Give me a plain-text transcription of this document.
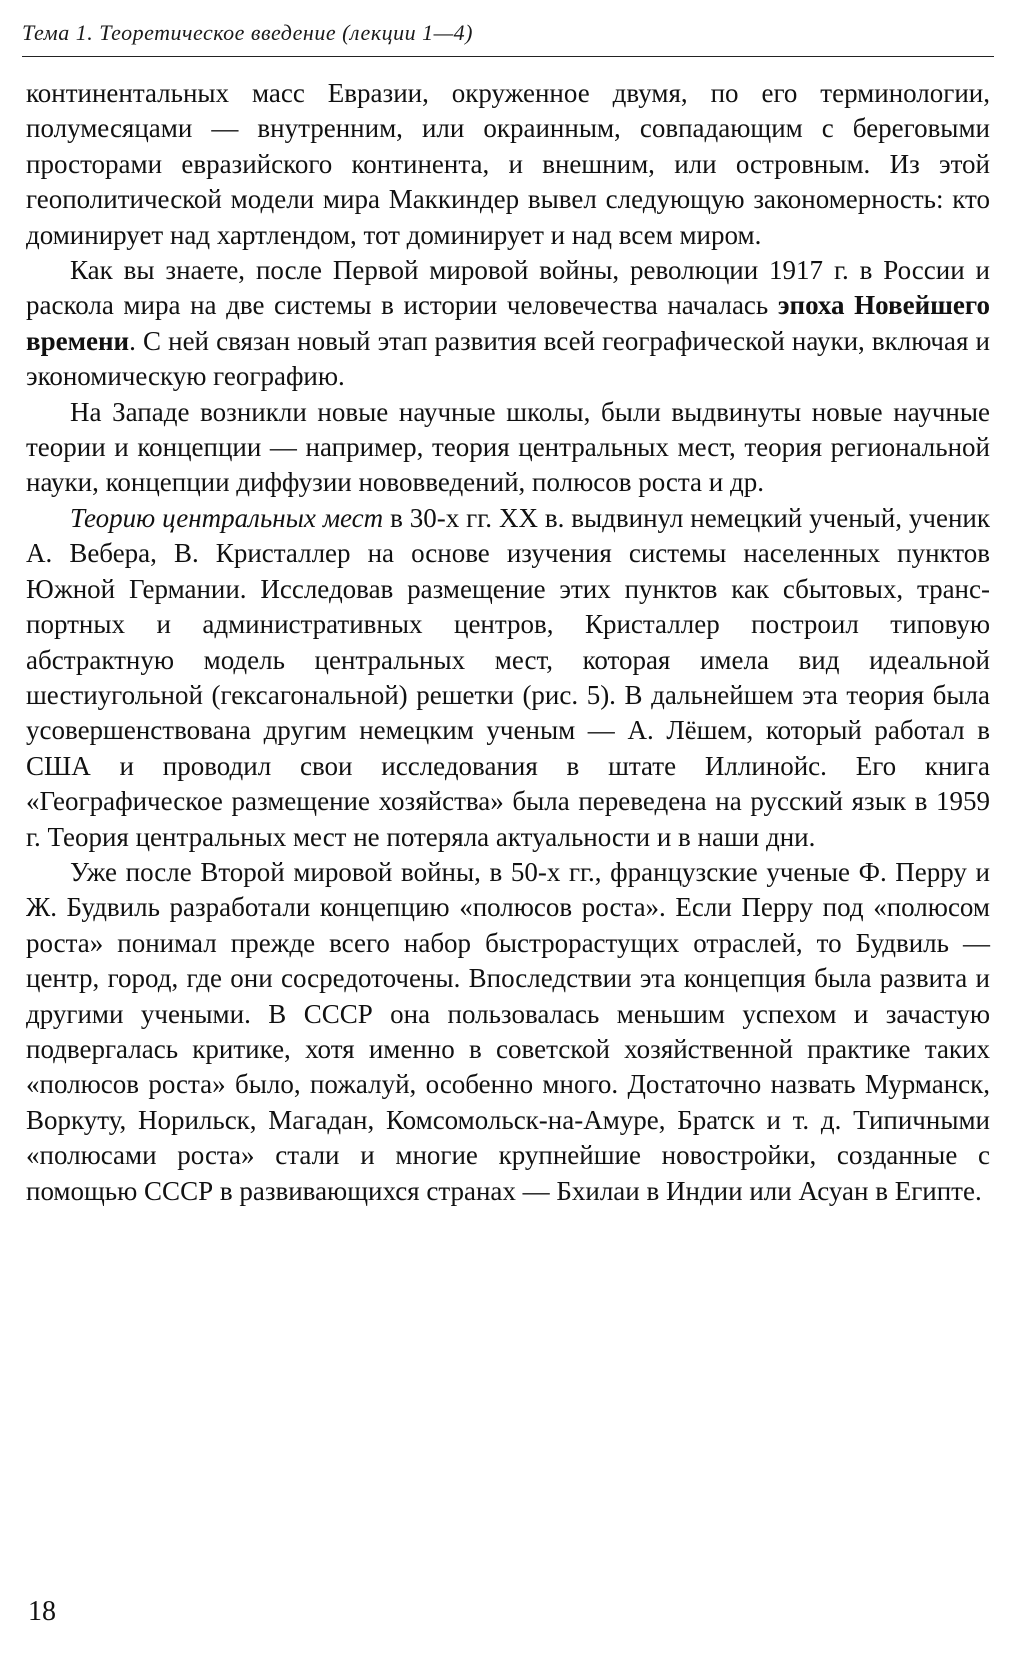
Тема 1. Теоретическое введение (лекции 1—4)

континентальных масс Евразии, окруженное двумя, по его терминологии, полумесяцами — внутренним, или окраинным, совпадающим с береговыми просторами евразийского континента, и внешним, или островным. Из этой геополитической модели мира Маккиндер вывел следующую закономерность: кто доминирует над хартлендом, тот доминирует и над всем миром.

Как вы знаете, после Первой мировой войны, революции 1917 г. в России и раскола мира на две системы в истории человечества началась эпоха Новейшего времени. С ней связан новый этап развития всей географической науки, включая и экономическую географию.

На Западе возникли новые научные школы, были выдвинуты новые научные теории и концепции — например, теория центральных мест, теория региональной науки, концепции диффузии нововведений, полюсов роста и др.

Теорию центральных мест в 30-х гг. XX в. выдвинул немецкий ученый, ученик А. Вебера, В. Кристаллер на основе изучения системы населенных пунктов Южной Германии. Исследовав размещение этих пунктов как сбытовых, транспортных и административных центров, Кристаллер построил типовую абстрактную модель центральных мест, которая имела вид идеальной шестиугольной (гексагональной) решетки (рис. 5). В дальнейшем эта теория была усовершенствована другим немецким ученым — А. Лёшем, который работал в США и проводил свои исследования в штате Иллинойс. Его книга «Географическое размещение хозяйства» была переведена на русский язык в 1959 г. Теория центральных мест не потеряла актуальности и в наши дни.

Уже после Второй мировой войны, в 50-х гг., французские ученые Ф. Перру и Ж. Будвиль разработали концепцию «полюсов роста». Если Перру под «полюсом роста» понимал прежде всего набор быстрорастущих отраслей, то Будвиль — центр, город, где они сосредоточены. Впоследствии эта концепция была развита и другими учеными. В СССР она пользовалась меньшим успехом и зачастую подвергалась критике, хотя именно в советской хозяйственной практике таких «полюсов роста» было, пожалуй, особенно много. Достаточно назвать Мурманск, Воркуту, Норильск, Магадан, Комсомольск-на-Амуре, Братск и т. д. Типичными «полюсами роста» стали и многие крупнейшие новостройки, созданные с помощью СССР в развивающихся странах — Бхилаи в Индии или Асуан в Египте.

18
